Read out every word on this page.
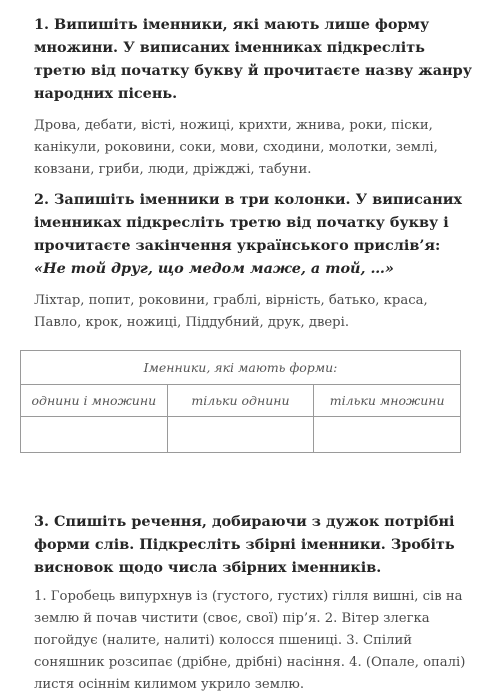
1. Випишіть іменники, які мають лише форму множини. У виписаних іменниках підкресліть третю від початку букву й прочитаєте назву жанру народних пісень.
Дрова, дебати, вісті, ножиці, крихти, жнива, роки, піски, канікули, роковини, соки, мови, сходини, молотки, землі, ковзани, гриби, люди, дріжджі, табуни.
2. Запишіть іменники в три колонки. У виписаних іменниках підкресліть третю від початку букву і прочитаєте закінчення українського прислів’я: «Не той друг, що медом маже, а той, …»
Ліхтар, попит, роковини, граблі, вірність, батько, краса, Павло, крок, ножиці, Піддубний, друк, двері.
Іменники, які мають форми:		
однини і множини	тільки однини	тільки множини

3. Спишіть речення, добираючи з дужок потрібні форми слів. Підкресліть збірні іменники. Зробіть висновок щодо числа збірних іменників.
1. Горобець випурхнув із (густого, густих) гілля вишні, сів на землю й почав чистити (своє, свої) пір’я. 2. Вітер злегка погойдує (налите, налиті) колосся пшениці. 3. Спілий соняшник розсипає (дрібне, дрібні) насіння. 4. (Опале, опалі) листя осіннім килимом укрило землю.
